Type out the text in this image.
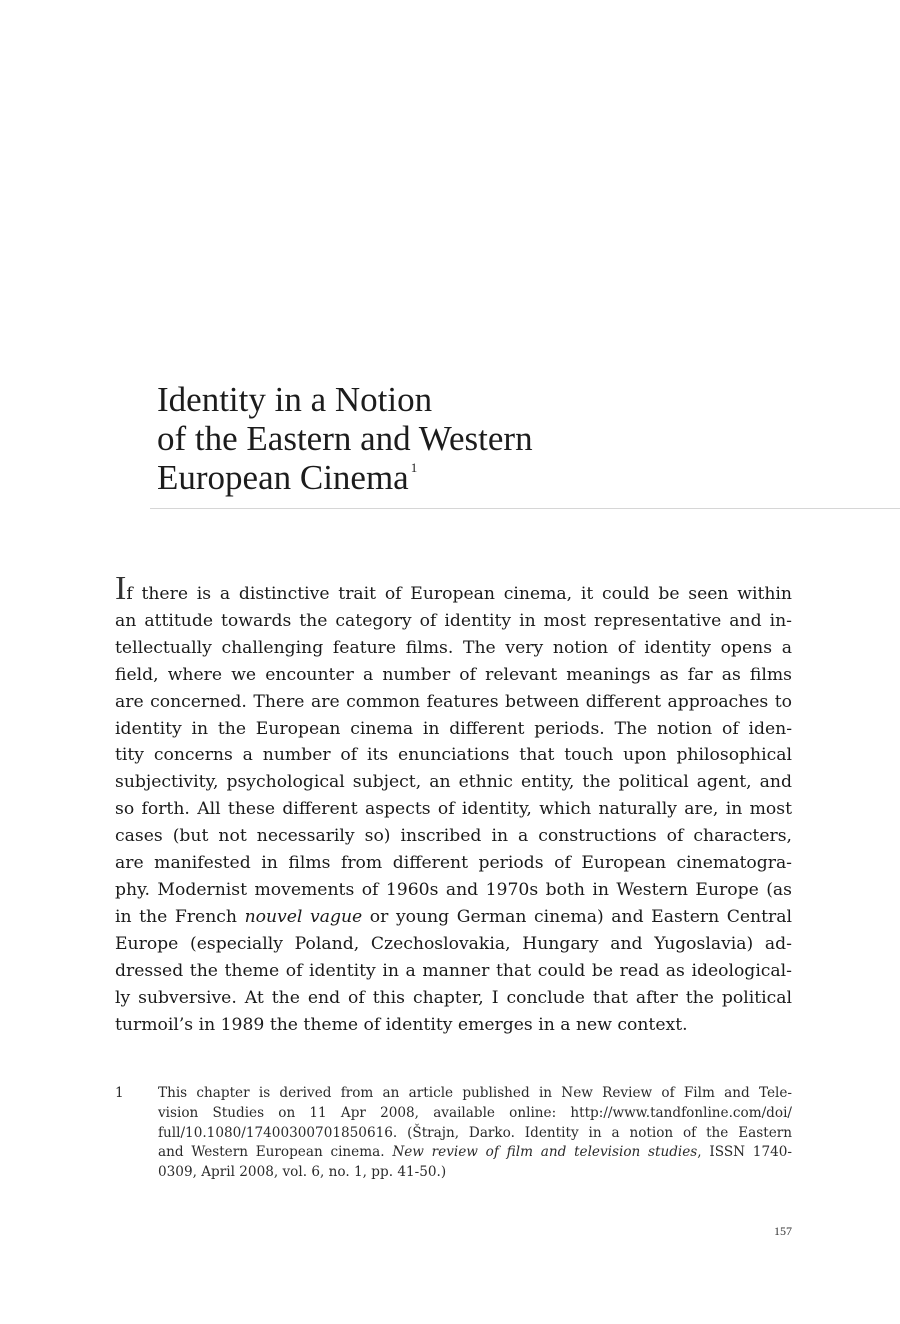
Identity in a Notion
of the Eastern and Western
European Cinema $^1$
If there is a distinctive trait of European cinema, it could be seen within
an attitude towards the category of identity in most representative and in-
tellectually challenging feature films. The very notion of identity opens a
field, where we encounter a number of relevant meanings as far as films
are concerned. There are common features between different approaches to
identity in the European cinema in different periods. The notion of iden-
tity concerns a number of its enunciations that touch upon philosophical
subjectivity, psychological subject, an ethnic entity, the political agent, and
so forth. All these different aspects of identity, which naturally are, in most
cases (but not necessarily so) inscribed in a constructions of characters,
are manifested in films from different periods of European cinematogra-
phy. Modernist movements of 1960s and 1970s both in Western Europe (as
in the French nouvel vague or young German cinema) and Eastern Central
Europe (especially Poland, Czechoslovakia, Hungary and Yugoslavia) ad-
dressed the theme of identity in a manner that could be read as ideological-
ly subversive. At the end of this chapter, I conclude that after the political
turmoil’s in 1989 the theme of identity emerges in a new context.
1	This chapter is derived from an article published in New Review of Film and Tele-
vision Studies on 11 Apr 2008, available online: http://www.tandfonline.com/doi/
full/10.1080/17400300701850616. (Štrajn, Darko. Identity in a notion of the Eastern
and Western European cinema. New review of film and television studies, ISSN 1740-
0309, April 2008, vol. 6, no. 1, pp. 41-50.)
157
